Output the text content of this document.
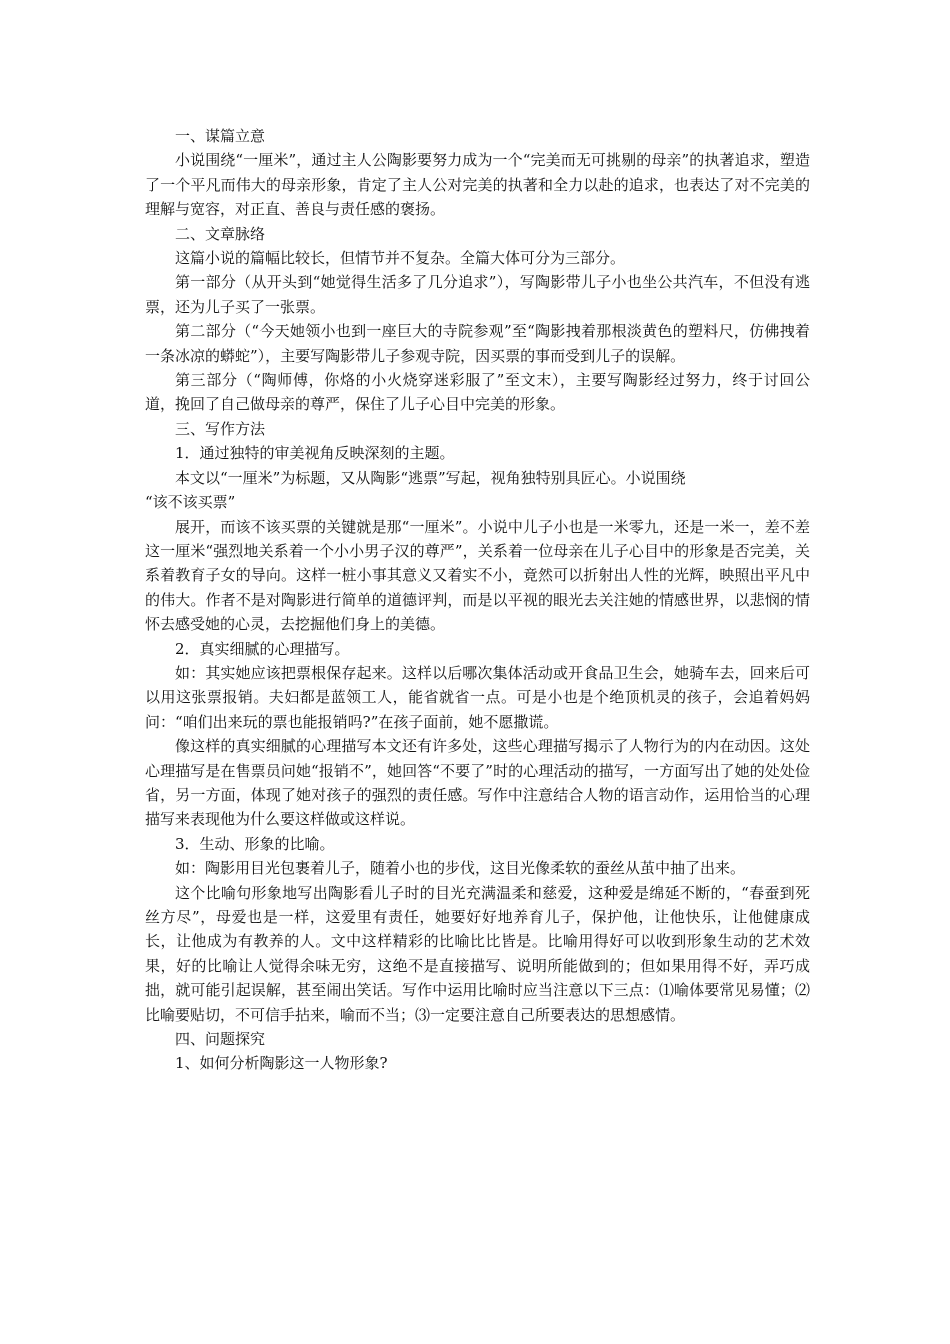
一、谋篇立意

小说围绕“一厘米”，通过主人公陶影要努力成为一个“完美而无可挑剔的母亲”的执著追求，塑造了一个平凡而伟大的母亲形象，肯定了主人公对完美的执著和全力以赴的追求，也表达了对不完美的理解与宽容，对正直、善良与责任感的褒扬。

二、文章脉络

这篇小说的篇幅比较长，但情节并不复杂。全篇大体可分为三部分。

第一部分（从开头到“她觉得生活多了几分追求”），写陶影带儿子小也坐公共汽车，不但没有逃票，还为儿子买了一张票。

第二部分（“今天她领小也到一座巨大的寺院参观”至“陶影拽着那根淡黄色的塑料尺，仿佛拽着一条冰凉的蟒蛇”），主要写陶影带儿子参观寺院，因买票的事而受到儿子的误解。

第三部分（“陶师傅，你烙的小火烧穿迷彩服了”至文末），主要写陶影经过努力，终于讨回公道，挽回了自己做母亲的尊严，保住了儿子心目中完美的形象。

三、写作方法

1．通过独特的审美视角反映深刻的主题。

本文以“一厘米”为标题，又从陶影“逃票”写起，视角独特别具匠心。小说围绕

“该不该买票”

展开，而该不该买票的关键就是那“一厘米”。小说中儿子小也是一米零九，还是一米一，差不差这一厘米“强烈地关系着一个小小男子汉的尊严”，关系着一位母亲在儿子心目中的形象是否完美，关系着教育子女的导向。这样一桩小事其意义又着实不小，竟然可以折射出人性的光辉，映照出平凡中的伟大。作者不是对陶影进行简单的道德评判，而是以平视的眼光去关注她的情感世界，以悲悯的情怀去感受她的心灵，去挖掘他们身上的美德。

2．真实细腻的心理描写。

如：其实她应该把票根保存起来。这样以后哪次集体活动或开食品卫生会，她骑车去，回来后可以用这张票报销。夫妇都是蓝领工人，能省就省一点。可是小也是个绝顶机灵的孩子，会追着妈妈问：“咱们出来玩的票也能报销吗?”在孩子面前，她不愿撒谎。

像这样的真实细腻的心理描写本文还有许多处，这些心理描写揭示了人物行为的内在动因。这处心理描写是在售票员问她“报销不”，她回答“不要了”时的心理活动的描写，一方面写出了她的处处俭省，另一方面，体现了她对孩子的强烈的责任感。写作中注意结合人物的语言动作，运用恰当的心理描写来表现他为什么要这样做或这样说。

3．生动、形象的比喻。

如：陶影用目光包裹着儿子，随着小也的步伐，这目光像柔软的蚕丝从茧中抽了出来。

这个比喻句形象地写出陶影看儿子时的目光充满温柔和慈爱，这种爱是绵延不断的，“春蚕到死丝方尽”，母爱也是一样，这爱里有责任，她要好好地养育儿子，保护他，让他快乐，让他健康成长，让他成为有教养的人。文中这样精彩的比喻比比皆是。比喻用得好可以收到形象生动的艺术效果，好的比喻让人觉得余味无穷，这绝不是直接描写、说明所能做到的；但如果用得不好，弄巧成拙，就可能引起误解，甚至闹出笑话。写作中运用比喻时应当注意以下三点：⑴喻体要常见易懂；⑵比喻要贴切，不可信手拈来，喻而不当；⑶一定要注意自己所要表达的思想感情。

四、问题探究

1、如何分析陶影这一人物形象?
